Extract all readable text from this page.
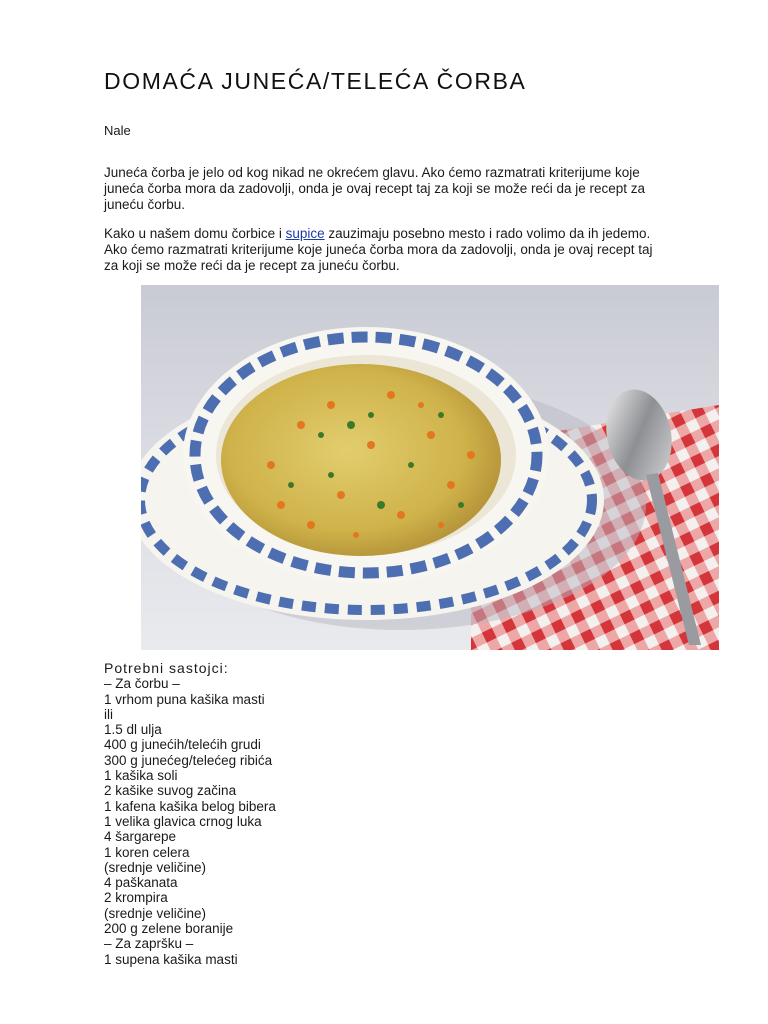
DOMAĆA JUNEĆA/TELEĆA ČORBA

Nale

Juneća čorba je jelo od kog nikad ne okrećem glavu. Ako ćemo razmatrati kriterijume koje juneća čorba mora da zadovolji, onda je ovaj recept taj za koji se može reći da je recept za junеću čorbu.

Kako u našem domu čorbice i supice zauzimaju posebno mesto i rado volimo da ih jedemo. Ako ćemo razmatrati kriterijume koje juneća čorba mora da zadovolji, onda je ovaj recept taj za koji se može reći da je recept za juneću čorbu.

Potrebni sastojci:
– Za čorbu –
1 vrhom puna kašika masti
ili
1.5 dl ulja
400 g junećih/telećih grudi
300 g junećeg/telećeg ribića
1 kašika soli
2 kašike suvog začina
1 kafena kašika belog bibera
1 velika glavica crnog luka
4 šargarepe
1 koren celera
(srednje veličine)
4 paškanata
2 krompira
(srednje veličine)
200 g zelene boranije
– Za zapršku –
1 supena kašika masti
